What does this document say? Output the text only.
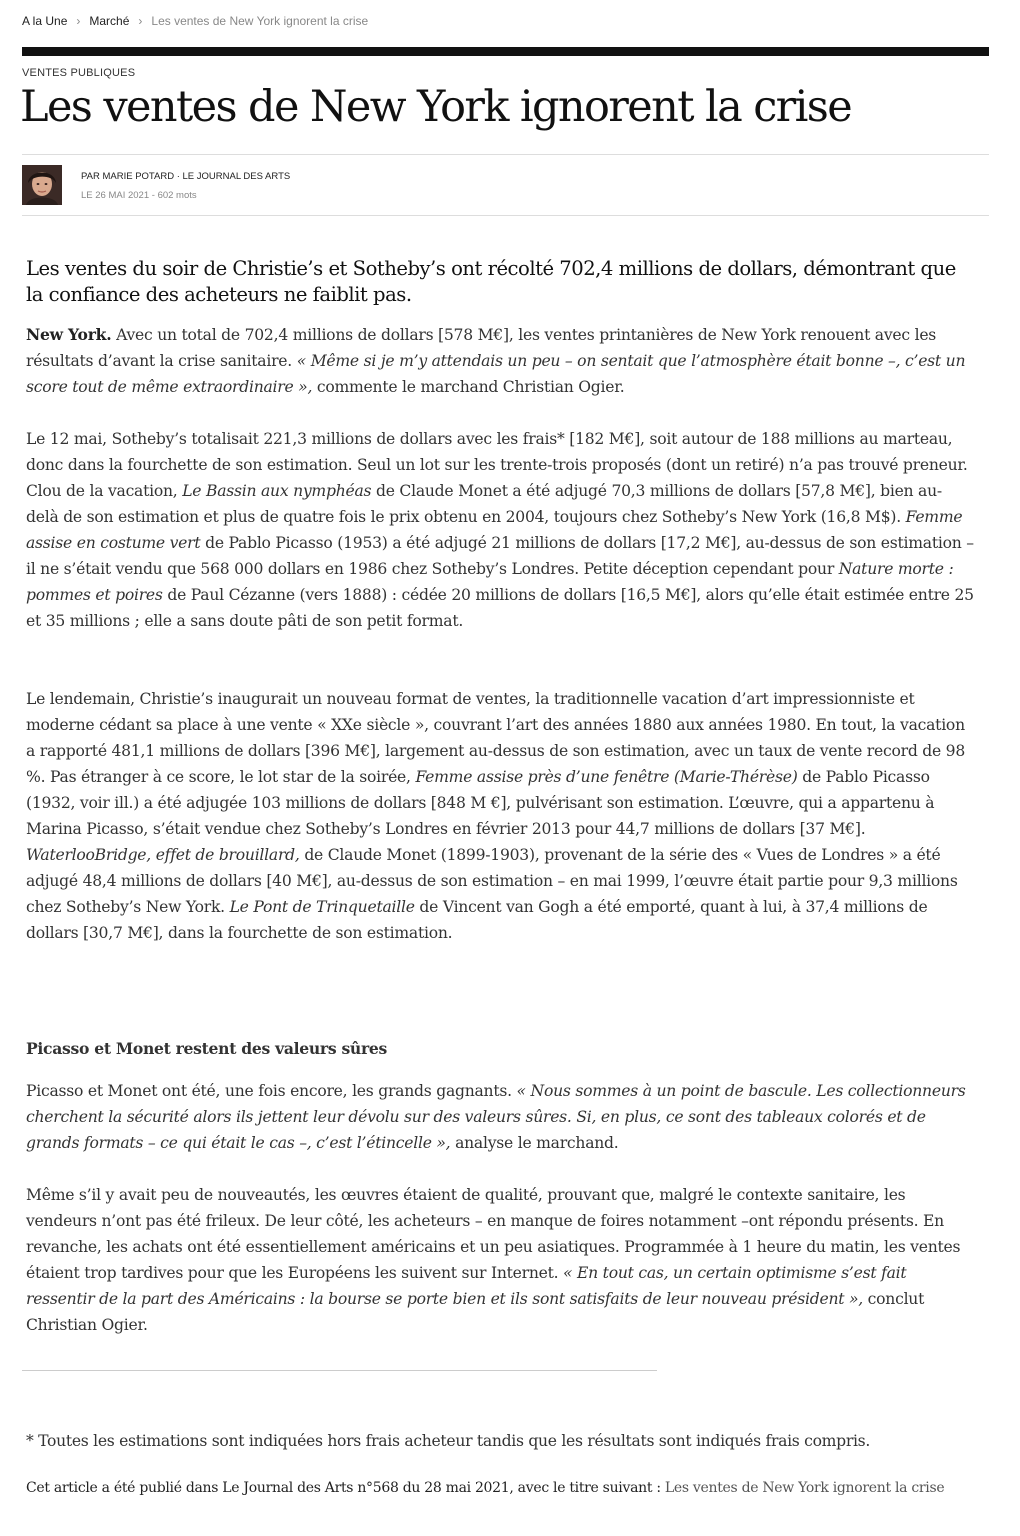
A la Une › Marché › Les ventes de New York ignorent la crise
VENTES PUBLIQUES
Les ventes de New York ignorent la crise
PAR MARIE POTARD · LE JOURNAL DES ARTS
LE 26 MAI 2021 - 602 mots

Les ventes du soir de Christie’s et Sotheby’s ont récolté 702,4 millions de dollars, démontrant que la confiance des acheteurs ne faiblit pas.

New York. Avec un total de 702,4 millions de dollars [578 M€], les ventes printanières de New York renouent avec les résultats d’avant la crise sanitaire. « Même si je m’y attendais un peu – on sentait que l’atmosphère était bonne –, c’est un score tout de même extraordinaire », commente le marchand Christian Ogier.

Le 12 mai, Sotheby’s totalisait 221,3 millions de dollars avec les frais* [182 M€], soit autour de 188 millions au marteau, donc dans la fourchette de son estimation. Seul un lot sur les trente-trois proposés (dont un retiré) n’a pas trouvé preneur. Clou de la vacation, Le Bassin aux nymphéas de Claude Monet a été adjugé 70,3 millions de dollars [57,8 M€], bien au-delà de son estimation et plus de quatre fois le prix obtenu en 2004, toujours chez Sotheby’s New York (16,8 M$). Femme assise en costume vert de Pablo Picasso (1953) a été adjugé 21 millions de dollars [17,2 M€], au-dessus de son estimation – il ne s’était vendu que 568 000 dollars en 1986 chez Sotheby’s Londres. Petite déception cependant pour Nature morte : pommes et poires de Paul Cézanne (vers 1888) : cédée 20 millions de dollars [16,5 M€], alors qu’elle était estimée entre 25 et 35 millions ; elle a sans doute pâti de son petit format.

Le lendemain, Christie’s inaugurait un nouveau format de ventes, la traditionnelle vacation d’art impressionniste et moderne cédant sa place à une vente « XXe siècle », couvrant l’art des années 1880 aux années 1980. En tout, la vacation a rapporté 481,1 millions de dollars [396 M€], largement au-dessus de son estimation, avec un taux de vente record de 98 %. Pas étranger à ce score, le lot star de la soirée, Femme assise près d’une fenêtre (Marie-Thérèse) de Pablo Picasso (1932, voir ill.) a été adjugée 103 millions de dollars [848 M €], pulvérisant son estimation. L’œuvre, qui a appartenu à Marina Picasso, s’était vendue chez Sotheby’s Londres en février 2013 pour 44,7 millions de dollars [37 M€]. WaterlooBridge, effet de brouillard, de Claude Monet (1899-1903), provenant de la série des « Vues de Londres » a été adjugé 48,4 millions de dollars [40 M€], au-dessus de son estimation – en mai 1999, l’œuvre était partie pour 9,3 millions chez Sotheby’s New York. Le Pont de Trinquetaille de Vincent van Gogh a été emporté, quant à lui, à 37,4 millions de dollars [30,7 M€], dans la fourchette de son estimation.

Picasso et Monet restent des valeurs sûres

Picasso et Monet ont été, une fois encore, les grands gagnants. « Nous sommes à un point de bascule. Les collectionneurs cherchent la sécurité alors ils jettent leur dévolu sur des valeurs sûres. Si, en plus, ce sont des tableaux colorés et de grands formats – ce qui était le cas –, c’est l’étincelle », analyse le marchand.

Même s’il y avait peu de nouveautés, les œuvres étaient de qualité, prouvant que, malgré le contexte sanitaire, les vendeurs n’ont pas été frileux. De leur côté, les acheteurs – en manque de foires notamment –ont répondu présents. En revanche, les achats ont été essentiellement américains et un peu asiatiques. Programmée à 1 heure du matin, les ventes étaient trop tardives pour que les Européens les suivent sur Internet. « En tout cas, un certain optimisme s’est fait ressentir de la part des Américains : la bourse se porte bien et ils sont satisfaits de leur nouveau président », conclut Christian Ogier.

* Toutes les estimations sont indiquées hors frais acheteur tandis que les résultats sont indiqués frais compris.

Cet article a été publié dans Le Journal des Arts n°568 du 28 mai 2021, avec le titre suivant : Les ventes de New York ignorent la crise
